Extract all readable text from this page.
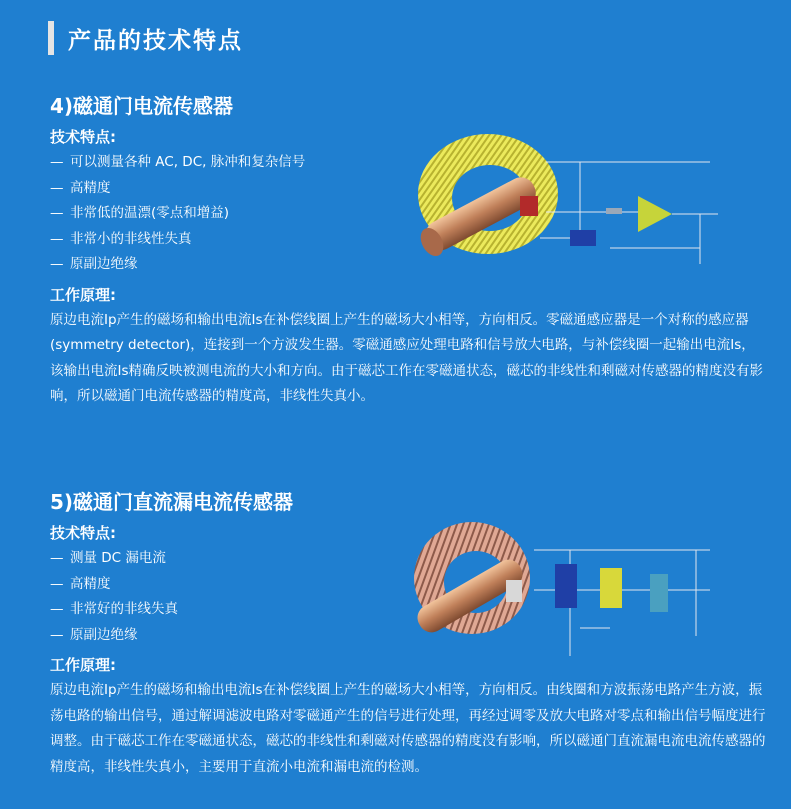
产品的技术特点
4)磁通门电流传感器
技术特点:
— 可以测量各种 AC, DC, 脉冲和复杂信号
— 高精度
— 非常低的温漂(零点和增益)
— 非常小的非线性失真
— 原副边绝缘
工作原理:

原边电流Ip产生的磁场和输出电流Is在补偿线圈上产生的磁场大小相等，方向相反。零磁通感应器是一个对称的感应器(symmetry detector)，连接到一个方波发生器。零磁通感应处理电路和信号放大电路，与补偿线圈一起输出电流Is，该输出电流Is精确反映被测电流的大小和方向。由于磁芯工作在零磁通状态，磁芯的非线性和剩磁对传感器的精度没有影响，所以磁通门电流传感器的精度高，非线性失真小。

5)磁通门直流漏电流传感器
技术特点:
— 测量 DC 漏电流
— 高精度
— 非常好的非线失真
— 原副边绝缘
工作原理:

原边电流Ip产生的磁场和输出电流Is在补偿线圈上产生的磁场大小相等，方向相反。由线圈和方波振荡电路产生方波，振荡电路的输出信号，通过解调滤波电路对零磁通产生的信号进行处理，再经过调零及放大电路对零点和输出信号幅度进行调整。由于磁芯工作在零磁通状态，磁芯的非线性和剩磁对传感器的精度没有影响，所以磁通门直流漏电流电流传感器的精度高，非线性失真小，主要用于直流小电流和漏电流的检测。
